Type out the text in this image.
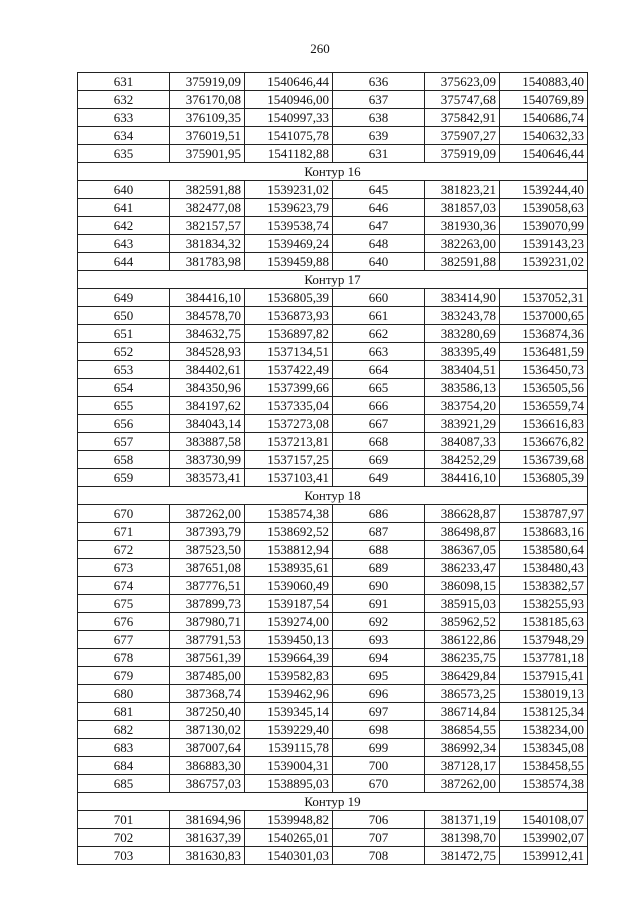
260
631	375919,09	1540646,44	636	375623,09	1540883,40
632	376170,08	1540946,00	637	375747,68	1540769,89
633	376109,35	1540997,33	638	375842,91	1540686,74
634	376019,51	1541075,78	639	375907,27	1540632,33
635	375901,95	1541182,88	631	375919,09	1540646,44
Контур 16					
640	382591,88	1539231,02	645	381823,21	1539244,40
641	382477,08	1539623,79	646	381857,03	1539058,63
642	382157,57	1539538,74	647	381930,36	1539070,99
643	381834,32	1539469,24	648	382263,00	1539143,23
644	381783,98	1539459,88	640	382591,88	1539231,02
Контур 17					
649	384416,10	1536805,39	660	383414,90	1537052,31
650	384578,70	1536873,93	661	383243,78	1537000,65
651	384632,75	1536897,82	662	383280,69	1536874,36
652	384528,93	1537134,51	663	383395,49	1536481,59
653	384402,61	1537422,49	664	383404,51	1536450,73
654	384350,96	1537399,66	665	383586,13	1536505,56
655	384197,62	1537335,04	666	383754,20	1536559,74
656	384043,14	1537273,08	667	383921,29	1536616,83
657	383887,58	1537213,81	668	384087,33	1536676,82
658	383730,99	1537157,25	669	384252,29	1536739,68
659	383573,41	1537103,41	649	384416,10	1536805,39
Контур 18					
670	387262,00	1538574,38	686	386628,87	1538787,97
671	387393,79	1538692,52	687	386498,87	1538683,16
672	387523,50	1538812,94	688	386367,05	1538580,64
673	387651,08	1538935,61	689	386233,47	1538480,43
674	387776,51	1539060,49	690	386098,15	1538382,57
675	387899,73	1539187,54	691	385915,03	1538255,93
676	387980,71	1539274,00	692	385962,52	1538185,63
677	387791,53	1539450,13	693	386122,86	1537948,29
678	387561,39	1539664,39	694	386235,75	1537781,18
679	387485,00	1539582,83	695	386429,84	1537915,41
680	387368,74	1539462,96	696	386573,25	1538019,13
681	387250,40	1539345,14	697	386714,84	1538125,34
682	387130,02	1539229,40	698	386854,55	1538234,00
683	387007,64	1539115,78	699	386992,34	1538345,08
684	386883,30	1539004,31	700	387128,17	1538458,55
685	386757,03	1538895,03	670	387262,00	1538574,38
Контур 19					
701	381694,96	1539948,82	706	381371,19	1540108,07
702	381637,39	1540265,01	707	381398,70	1539902,07
703	381630,83	1540301,03	708	381472,75	1539912,41
